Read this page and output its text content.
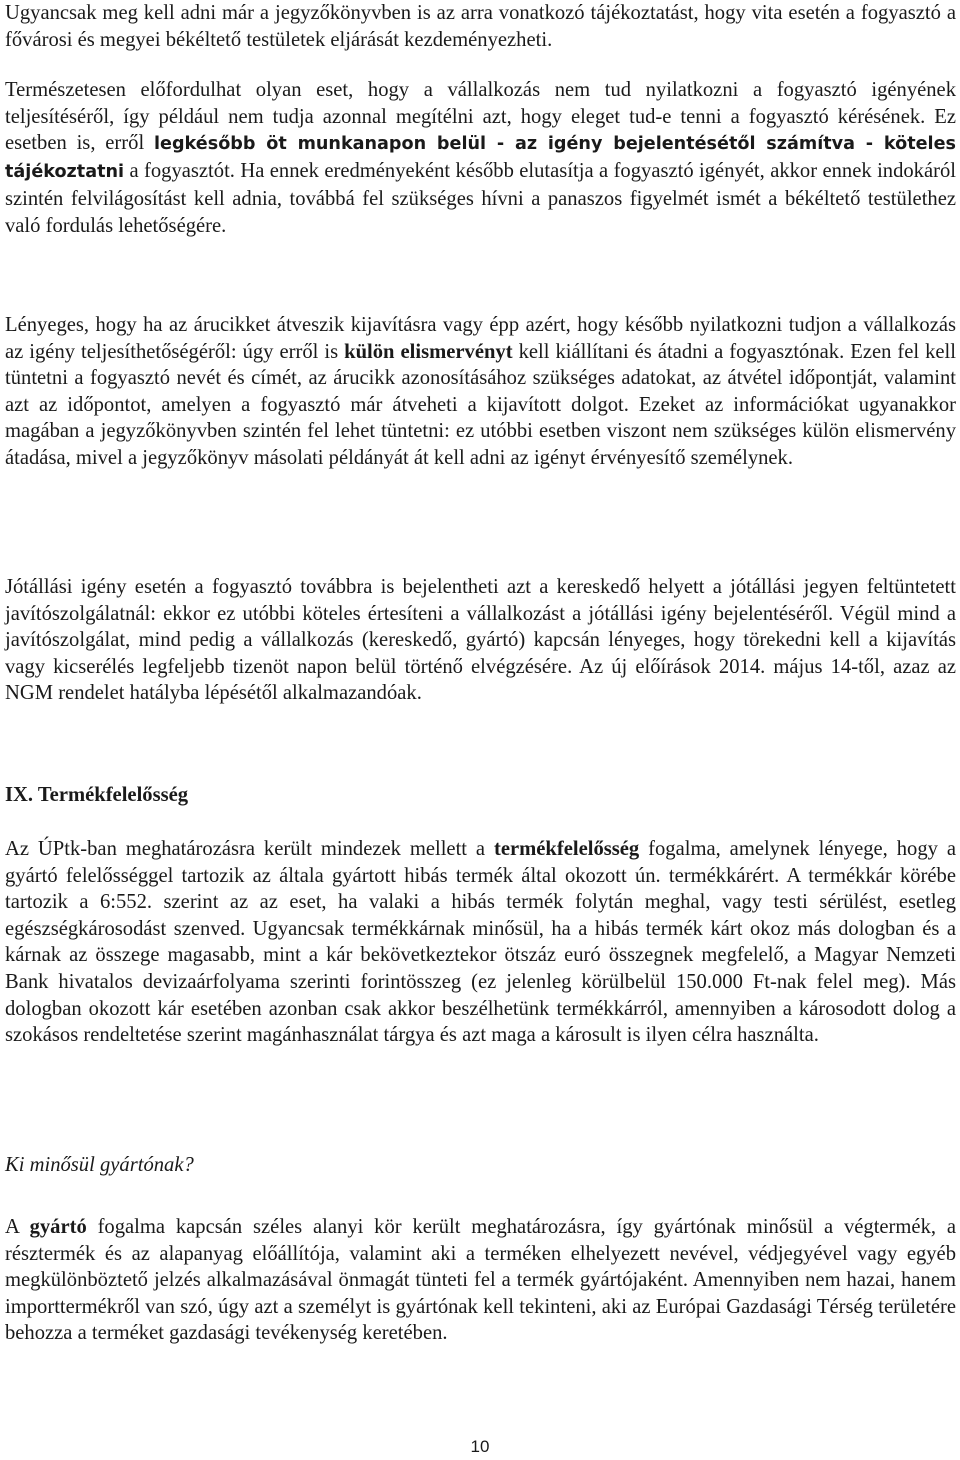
Ugyancsak meg kell adni már a jegyzőkönyvben is az arra vonatkozó tájékoztatást, hogy vita esetén a fogyasztó a fővárosi és megyei békéltető testületek eljárását kezdeményezheti.

Természetesen előfordulhat olyan eset, hogy a vállalkozás nem tud nyilatkozni a fogyasztó igényének teljesítéséről, így például nem tudja azonnal megítélni azt, hogy eleget tud-e tenni a fogyasztó kérésének. Ez esetben is, erről legkésőbb öt munkanapon belül - az igény bejelentésétől számítva - köteles tájékoztatni a fogyasztót. Ha ennek eredményeként később elutasítja a fogyasztó igényét, akkor ennek indokáról szintén felvilágosítást kell adnia, továbbá fel szükséges hívni a panaszos figyelmét ismét a békéltető testülethez való fordulás lehetőségére.

Lényeges, hogy ha az árucikket átveszik kijavításra vagy épp azért, hogy később nyilatkozni tudjon a vállalkozás az igény teljesíthetőségéről: úgy erről is külön elismervényt kell kiállítani és átadni a fogyasztónak. Ezen fel kell tüntetni a fogyasztó nevét és címét, az árucikk azonosításához szükséges adatokat, az átvétel időpontját, valamint azt az időpontot, amelyen a fogyasztó már átveheti a kijavított dolgot. Ezeket az információkat ugyanakkor magában a jegyzőkönyvben szintén fel lehet tüntetni: ez utóbbi esetben viszont nem szükséges külön elismervény átadása, mivel a jegyzőkönyv másolati példányát át kell adni az igényt érvényesítő személynek.

Jótállási igény esetén a fogyasztó továbbra is bejelentheti azt a kereskedő helyett a jótállási jegyen feltüntetett javítószolgálatnál: ekkor ez utóbbi köteles értesíteni a vállalkozást a jótállási igény bejelentéséről. Végül mind a javítószolgálat, mind pedig a vállalkozás (kereskedő, gyártó) kapcsán lényeges, hogy törekedni kell a kijavítás vagy kicserélés legfeljebb tizenöt napon belül történő elvégzésére. Az új előírások 2014. május 14-től, azaz az NGM rendelet hatályba lépésétől alkalmazandóak.

IX. Termékfelelősség

Az ÚPtk-ban meghatározásra került mindezek mellett a termékfelelősség fogalma, amelynek lényege, hogy a gyártó felelősséggel tartozik az általa gyártott hibás termék által okozott ún. termékkárért. A termékkár körébe tartozik a 6:552. szerint az az eset, ha valaki a hibás termék folytán meghal, vagy testi sérülést, esetleg egészségkárosodást szenved. Ugyancsak termékkárnak minősül, ha a hibás termék kárt okoz más dologban és a kárnak az összege magasabb, mint a kár bekövetkeztekor ötszáz euró összegnek megfelelő, a Magyar Nemzeti Bank hivatalos devizaárfolyama szerinti forintösszeg (ez jelenleg körülbelül 150.000 Ft-nak felel meg). Más dologban okozott kár esetében azonban csak akkor beszélhetünk termékkárról, amennyiben a károsodott dolog a szokásos rendeltetése szerint magánhasználat tárgya és azt maga a károsult is ilyen célra használta.

Ki minősül gyártónak?

A gyártó fogalma kapcsán széles alanyi kör került meghatározásra, így gyártónak minősül a végtermék, a résztermék és az alapanyag előállítója, valamint aki a terméken elhelyezett nevével, védjegyével vagy egyéb megkülönböztető jelzés alkalmazásával önmagát tünteti fel a termék gyártójaként. Amennyiben nem hazai, hanem importtermékről van szó, úgy azt a személyt is gyártónak kell tekinteni, aki az Európai Gazdasági Térség területére behozza a terméket gazdasági tevékenység keretében.

10
